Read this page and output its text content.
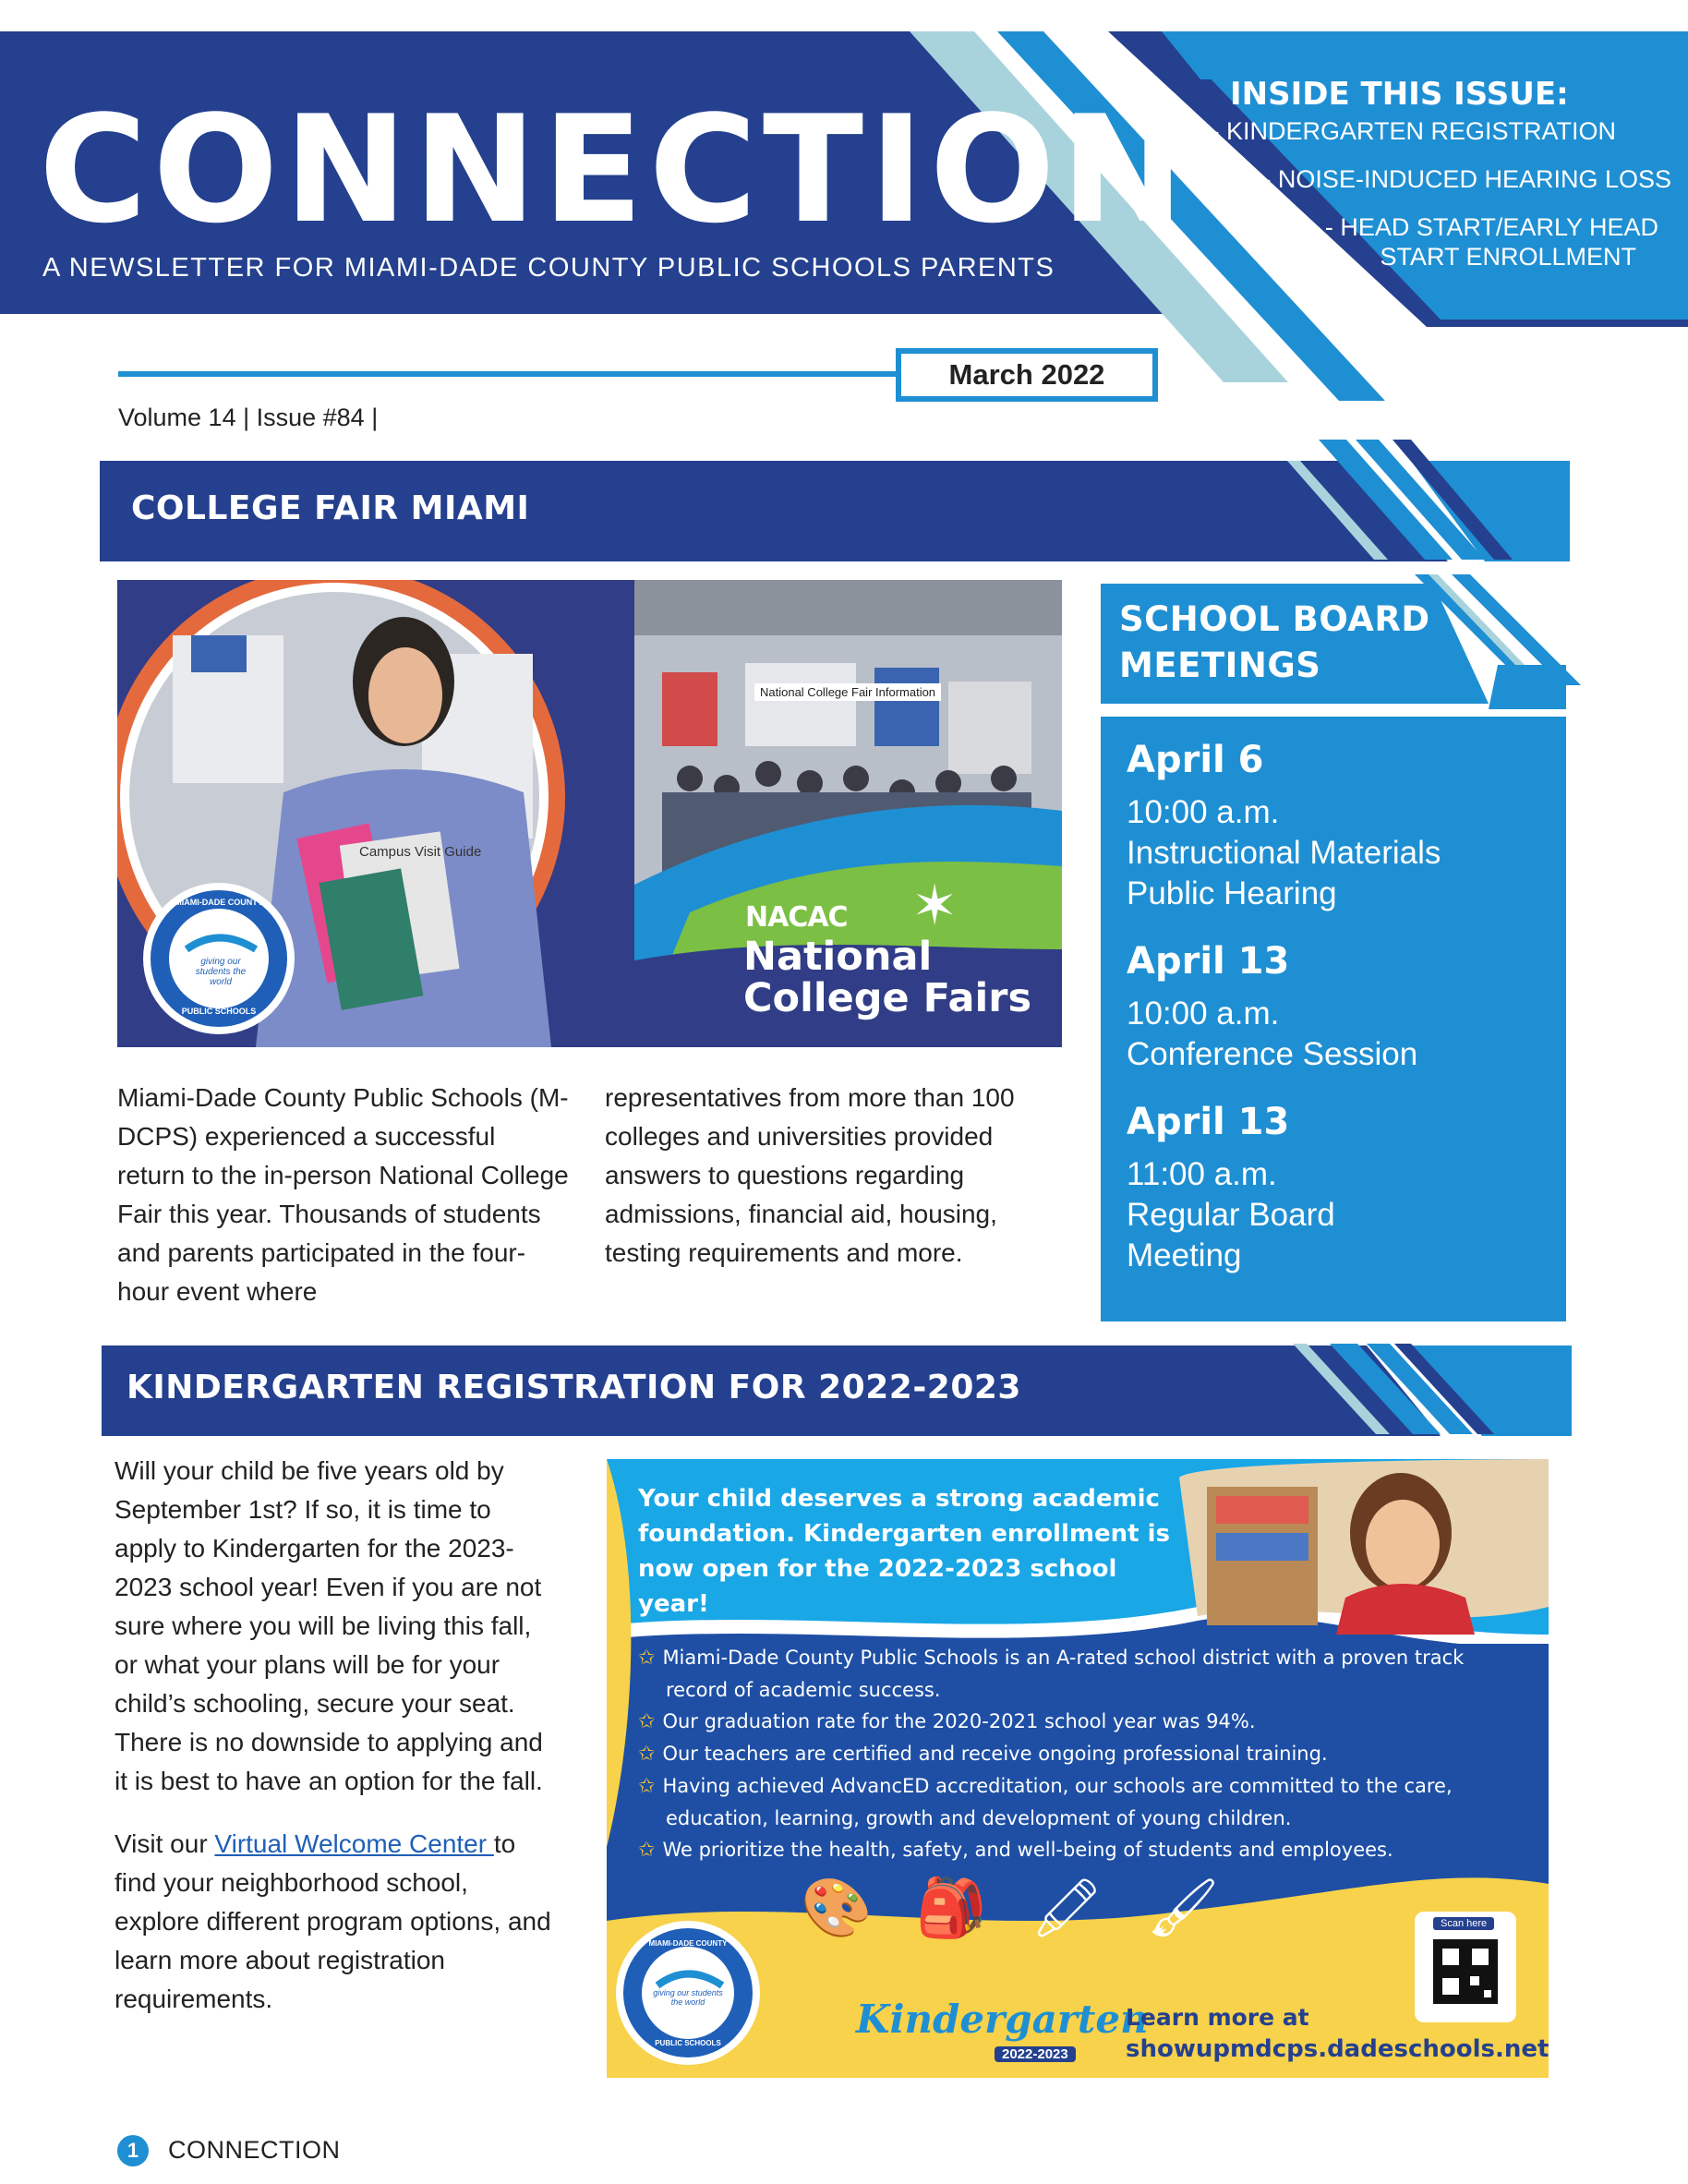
CONNECTION
A NEWSLETTER FOR MIAMI-DADE COUNTY PUBLIC SCHOOLS PARENTS
INSIDE THIS ISSUE:
- KINDERGARTEN REGISTRATION
- NOISE-INDUCED HEARING LOSS
- HEAD START/EARLY HEAD
START ENROLLMENT
March 2022
Volume 14 | Issue #84 |
COLLEGE FAIR MIAMI
National College Fair Information
Campus Visit Guide
giving our students the world
MIAMI-DADE COUNTY
PUBLIC SCHOOLS
NACAC ✶
National
College Fairs
Miami-Dade County Public Schools (M-DCPS) experienced a successful return to the in-person National College Fair this year. Thousands of students and parents participated in the four-hour event where
representatives from more than 100 colleges and universities provided answers to questions regarding admissions, financial aid, housing, testing requirements and more.
SCHOOL BOARD
MEETINGS
April 6
10:00 a.m.
Instructional Materials
Public Hearing
April 13
10:00 a.m.
Conference Session
April 13
11:00 a.m.
Regular Board
Meeting
KINDERGARTEN REGISTRATION FOR 2022-2023

Will your child be five years old by September 1st? If so, it is time to apply to Kindergarten for the 2023-2023 school year! Even if you are not sure where you will be living this fall, or what your plans will be for your child’s schooling, secure your seat. There is no downside to applying and it is best to have an option for the fall.

Visit our Virtual Welcome Center to find your neighborhood school, explore different program options, and learn more about registration requirements.

Your child deserves a strong academic foundation. Kindergarten enrollment is now open for the 2022-2023 school year!
✩ Miami-Dade County Public Schools is an A-rated school district with a proven track record of academic success.
✩ Our graduation rate for the 2020-2021 school year was 94%.
✩ Our teachers are certified and receive ongoing professional training.
✩ Having achieved AdvancED accreditation, our schools are committed to the care, education, learning, growth and development of young children.
✩ We prioritize the health, safety, and well-being of students and employees.
🎨 🎒 🖍 🖌	Scan here
Kindergarten
2022-2023
Learn more at
showupmdcps.dadeschools.net
MIAMI-DADE COUNTY
giving our students the world
PUBLIC SCHOOLS
1	CONNECTION
